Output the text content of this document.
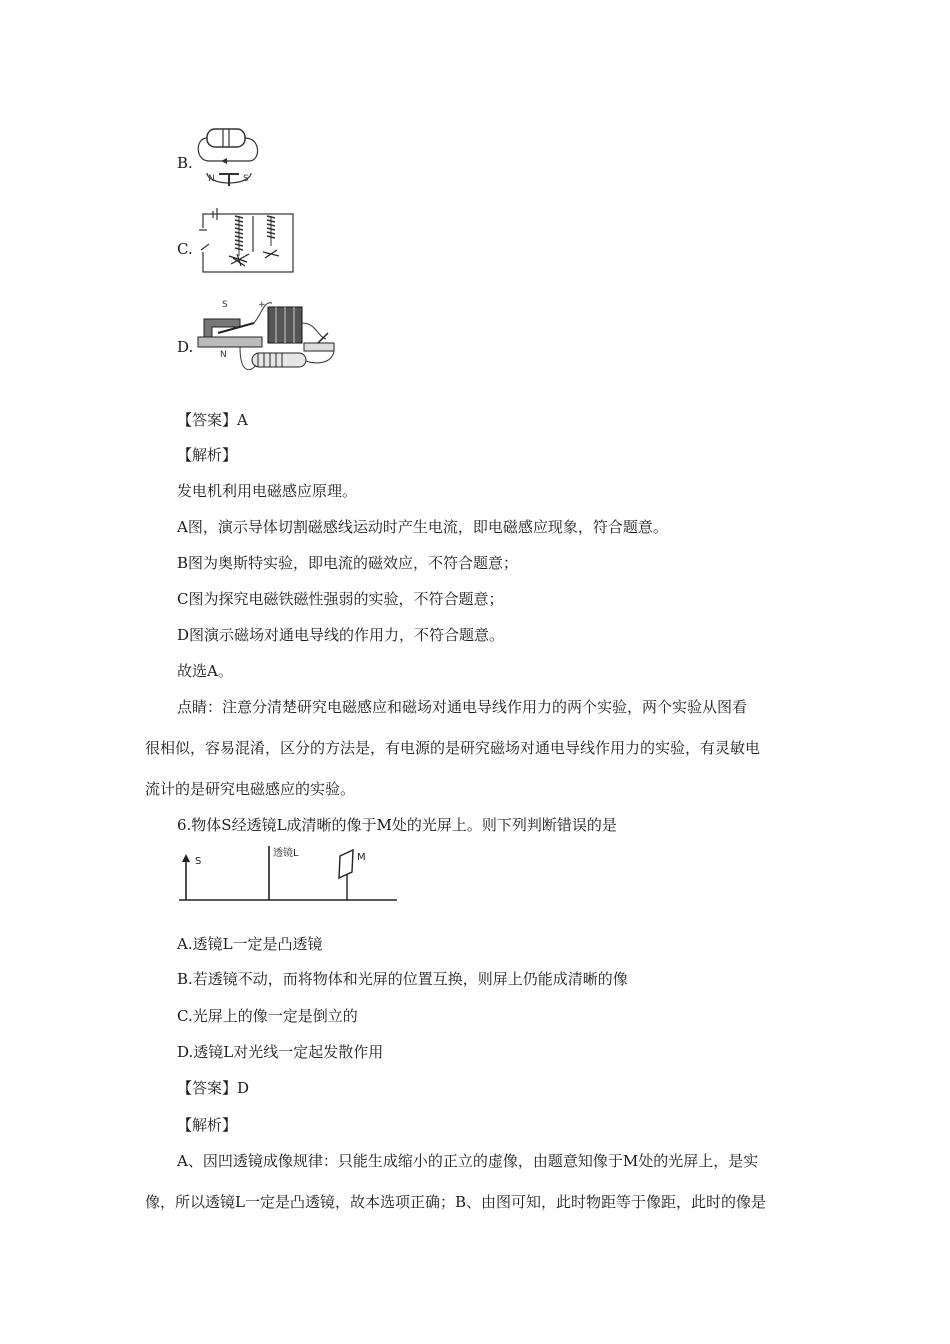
B.
N	S
C.
D.
S
N
+
【答案】A
【解析】
发电机利用电磁感应原理。
A图，演示导体切割磁感线运动时产生电流，即电磁感应现象，符合题意。
B图为奥斯特实验，即电流的磁效应，不符合题意；
C图为探究电磁铁磁性强弱的实验，不符合题意；
D图演示磁场对通电导线的作用力，不符合题意。
故选A。
点睛：注意分清楚研究电磁感应和磁场对通电导线作用力的两个实验，两个实验从图看
很相似，容易混淆，区分的方法是，有电源的是研究磁场对通电导线作用力的实验，有灵敏电
流计的是研究电磁感应的实验。
6.物体S经透镜L成清晰的像于M处的光屏上。则下列判断错误的是
S
透镜L	M
A.透镜L一定是凸透镜
B.若透镜不动，而将物体和光屏的位置互换，则屏上仍能成清晰的像
C.光屏上的像一定是倒立的
D.透镜L对光线一定起发散作用
【答案】D
【解析】
A、因凹透镜成像规律：只能生成缩小的正立的虚像，由题意知像于M处的光屏上，是实
像，所以透镜L一定是凸透镜，故本选项正确；B、由图可知，此时物距等于像距，此时的像是
